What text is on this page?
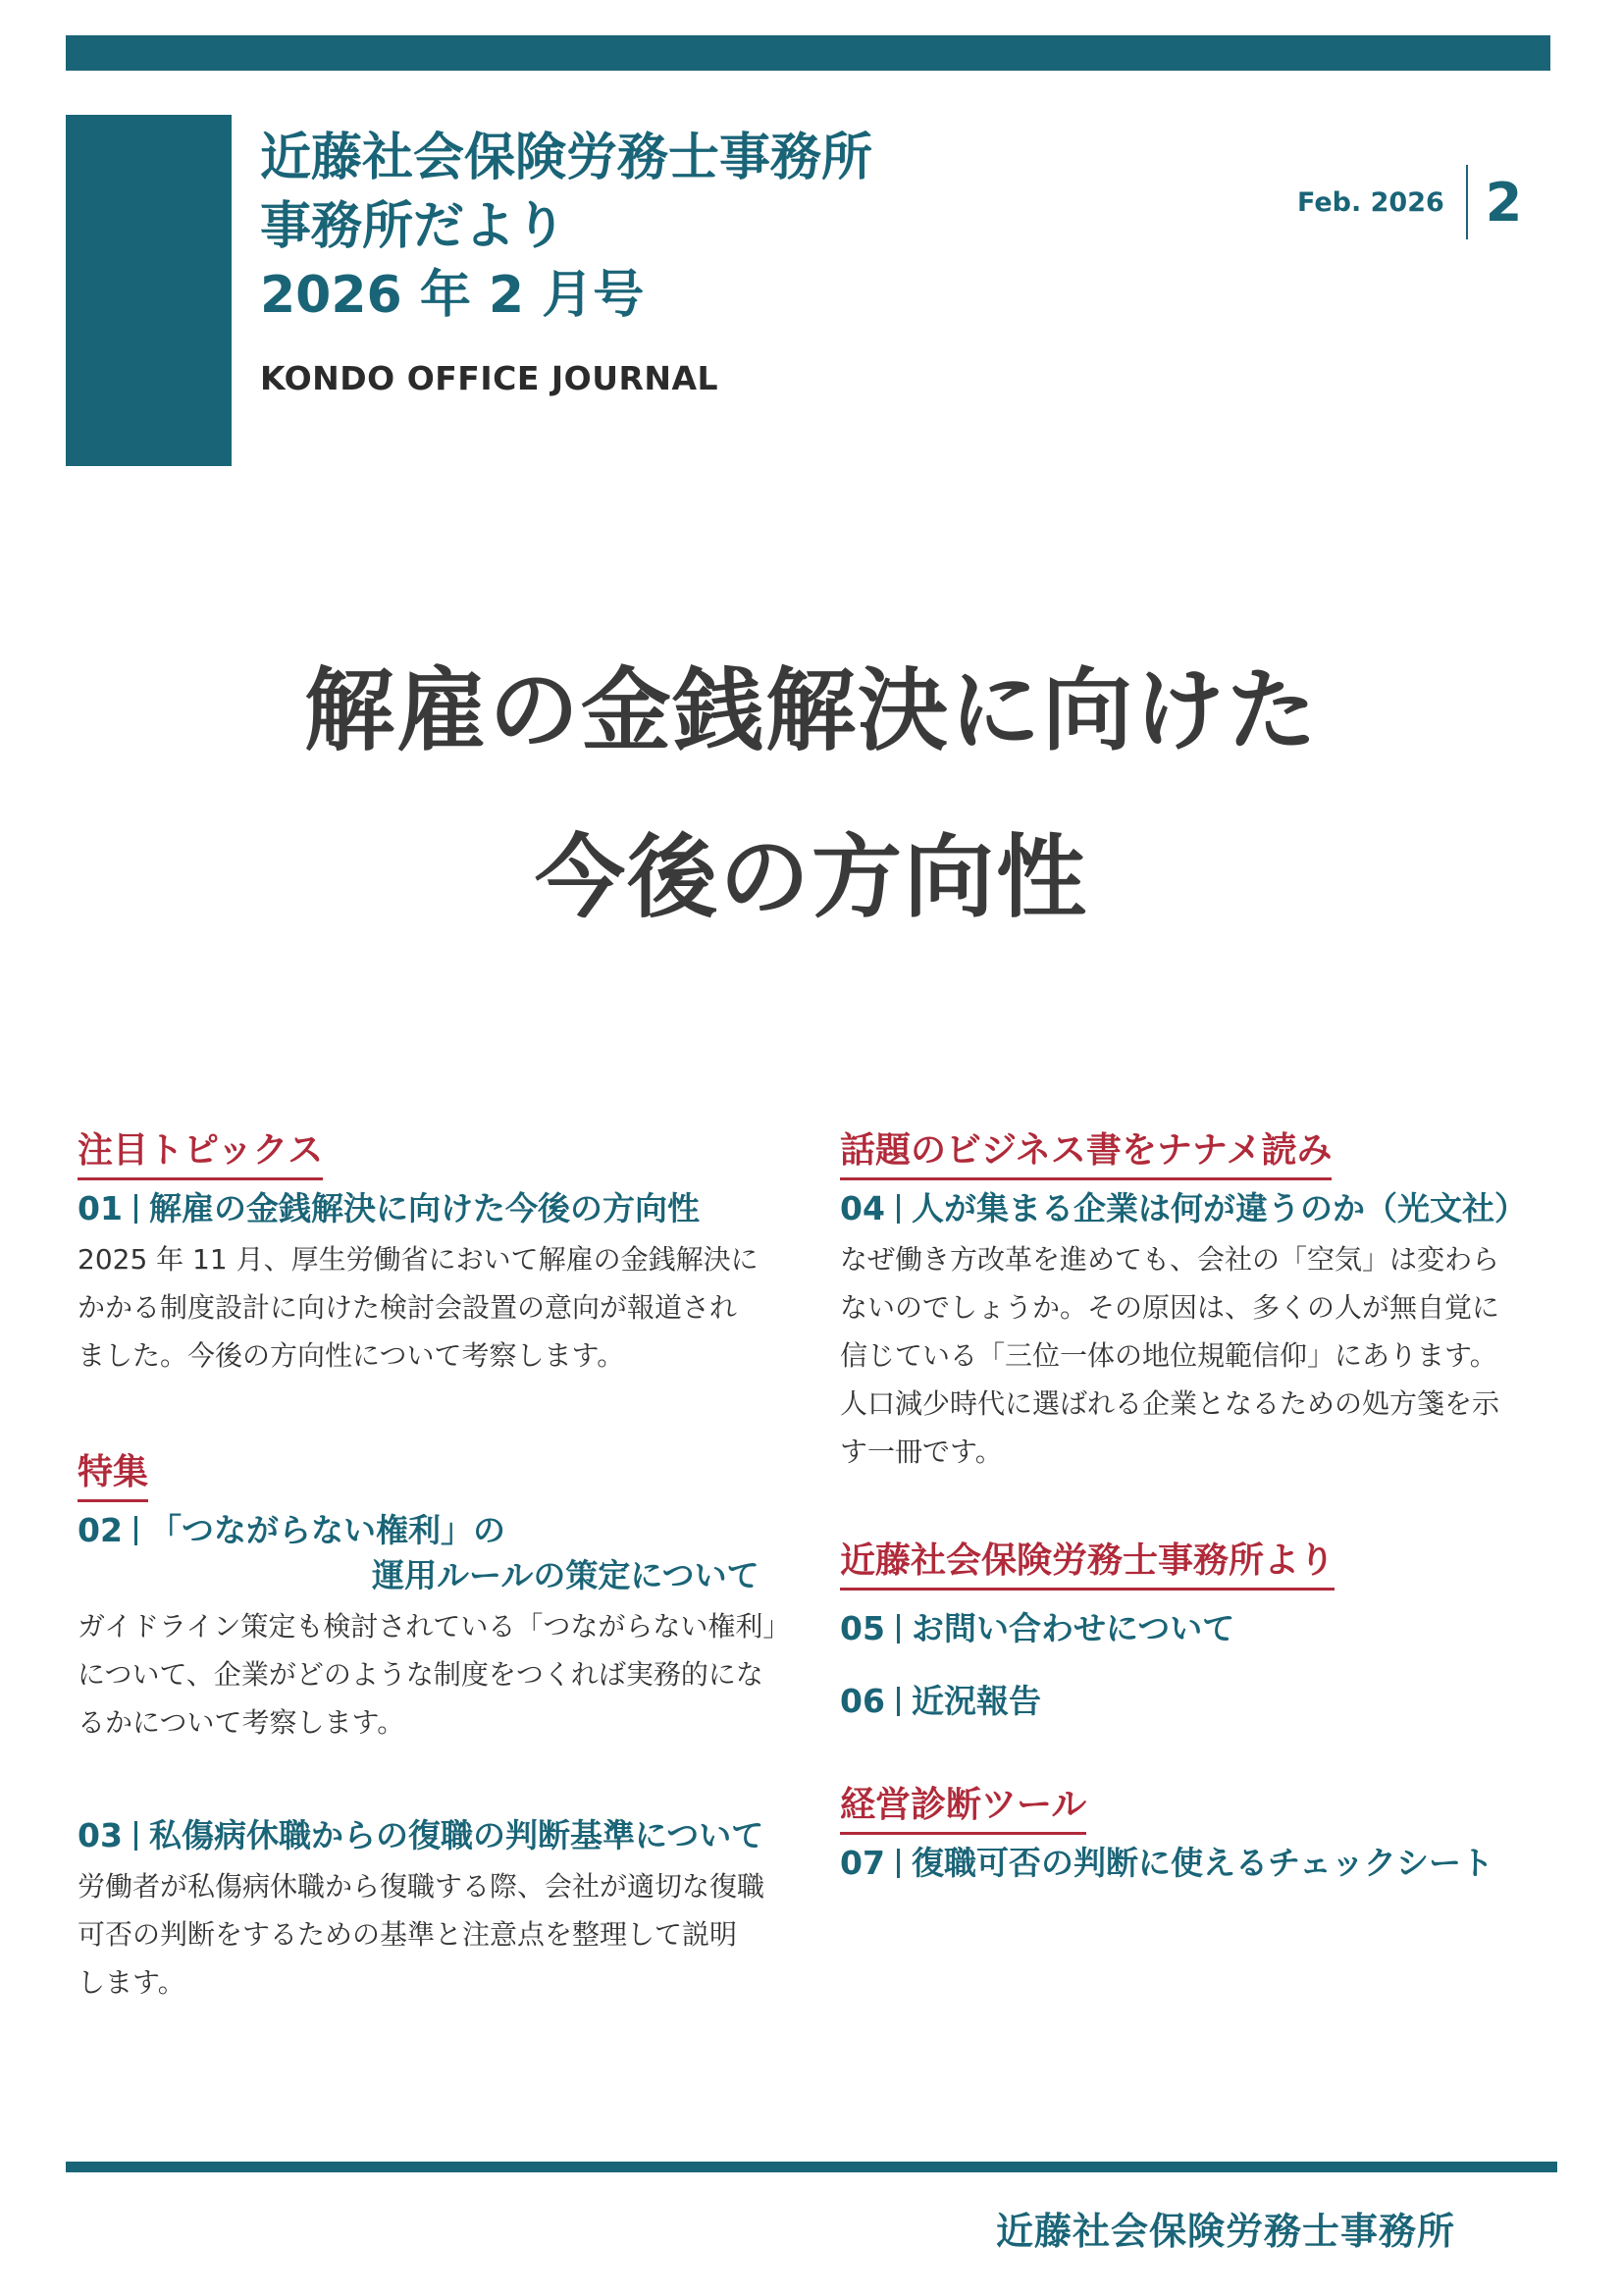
近藤社会保険労務士事務所
事務所だより
2026 年 2 月号
KONDO OFFICE JOURNAL
Feb. 2026 2
解雇の金銭解決に向けた
今後の方向性
注目トピックス
01 解雇の金銭解決に向けた今後の方向性
2025 年 11 月、厚生労働省において解雇の金銭解決に
かかる制度設計に向けた検討会設置の意向が報道され
ました。今後の方向性について考察します。
特集
02 「つながらない権利」の
運用ルールの策定について
ガイドライン策定も検討されている「つながらない権利」
について、企業がどのような制度をつくれば実務的にな
るかについて考察します。
03 私傷病休職からの復職の判断基準について
労働者が私傷病休職から復職する際、会社が適切な復職
可否の判断をするための基準と注意点を整理して説明
します。
話題のビジネス書をナナメ読み
04 人が集まる企業は何が違うのか（光文社）
なぜ働き方改革を進めても、会社の「空気」は変わら
ないのでしょうか。その原因は、多くの人が無自覚に
信じている「三位一体の地位規範信仰」にあります。
人口減少時代に選ばれる企業となるための処方箋を示
す一冊です。
近藤社会保険労務士事務所より
05 お問い合わせについて
06 近況報告
経営診断ツール
07 復職可否の判断に使えるチェックシート
近藤社会保険労務士事務所
